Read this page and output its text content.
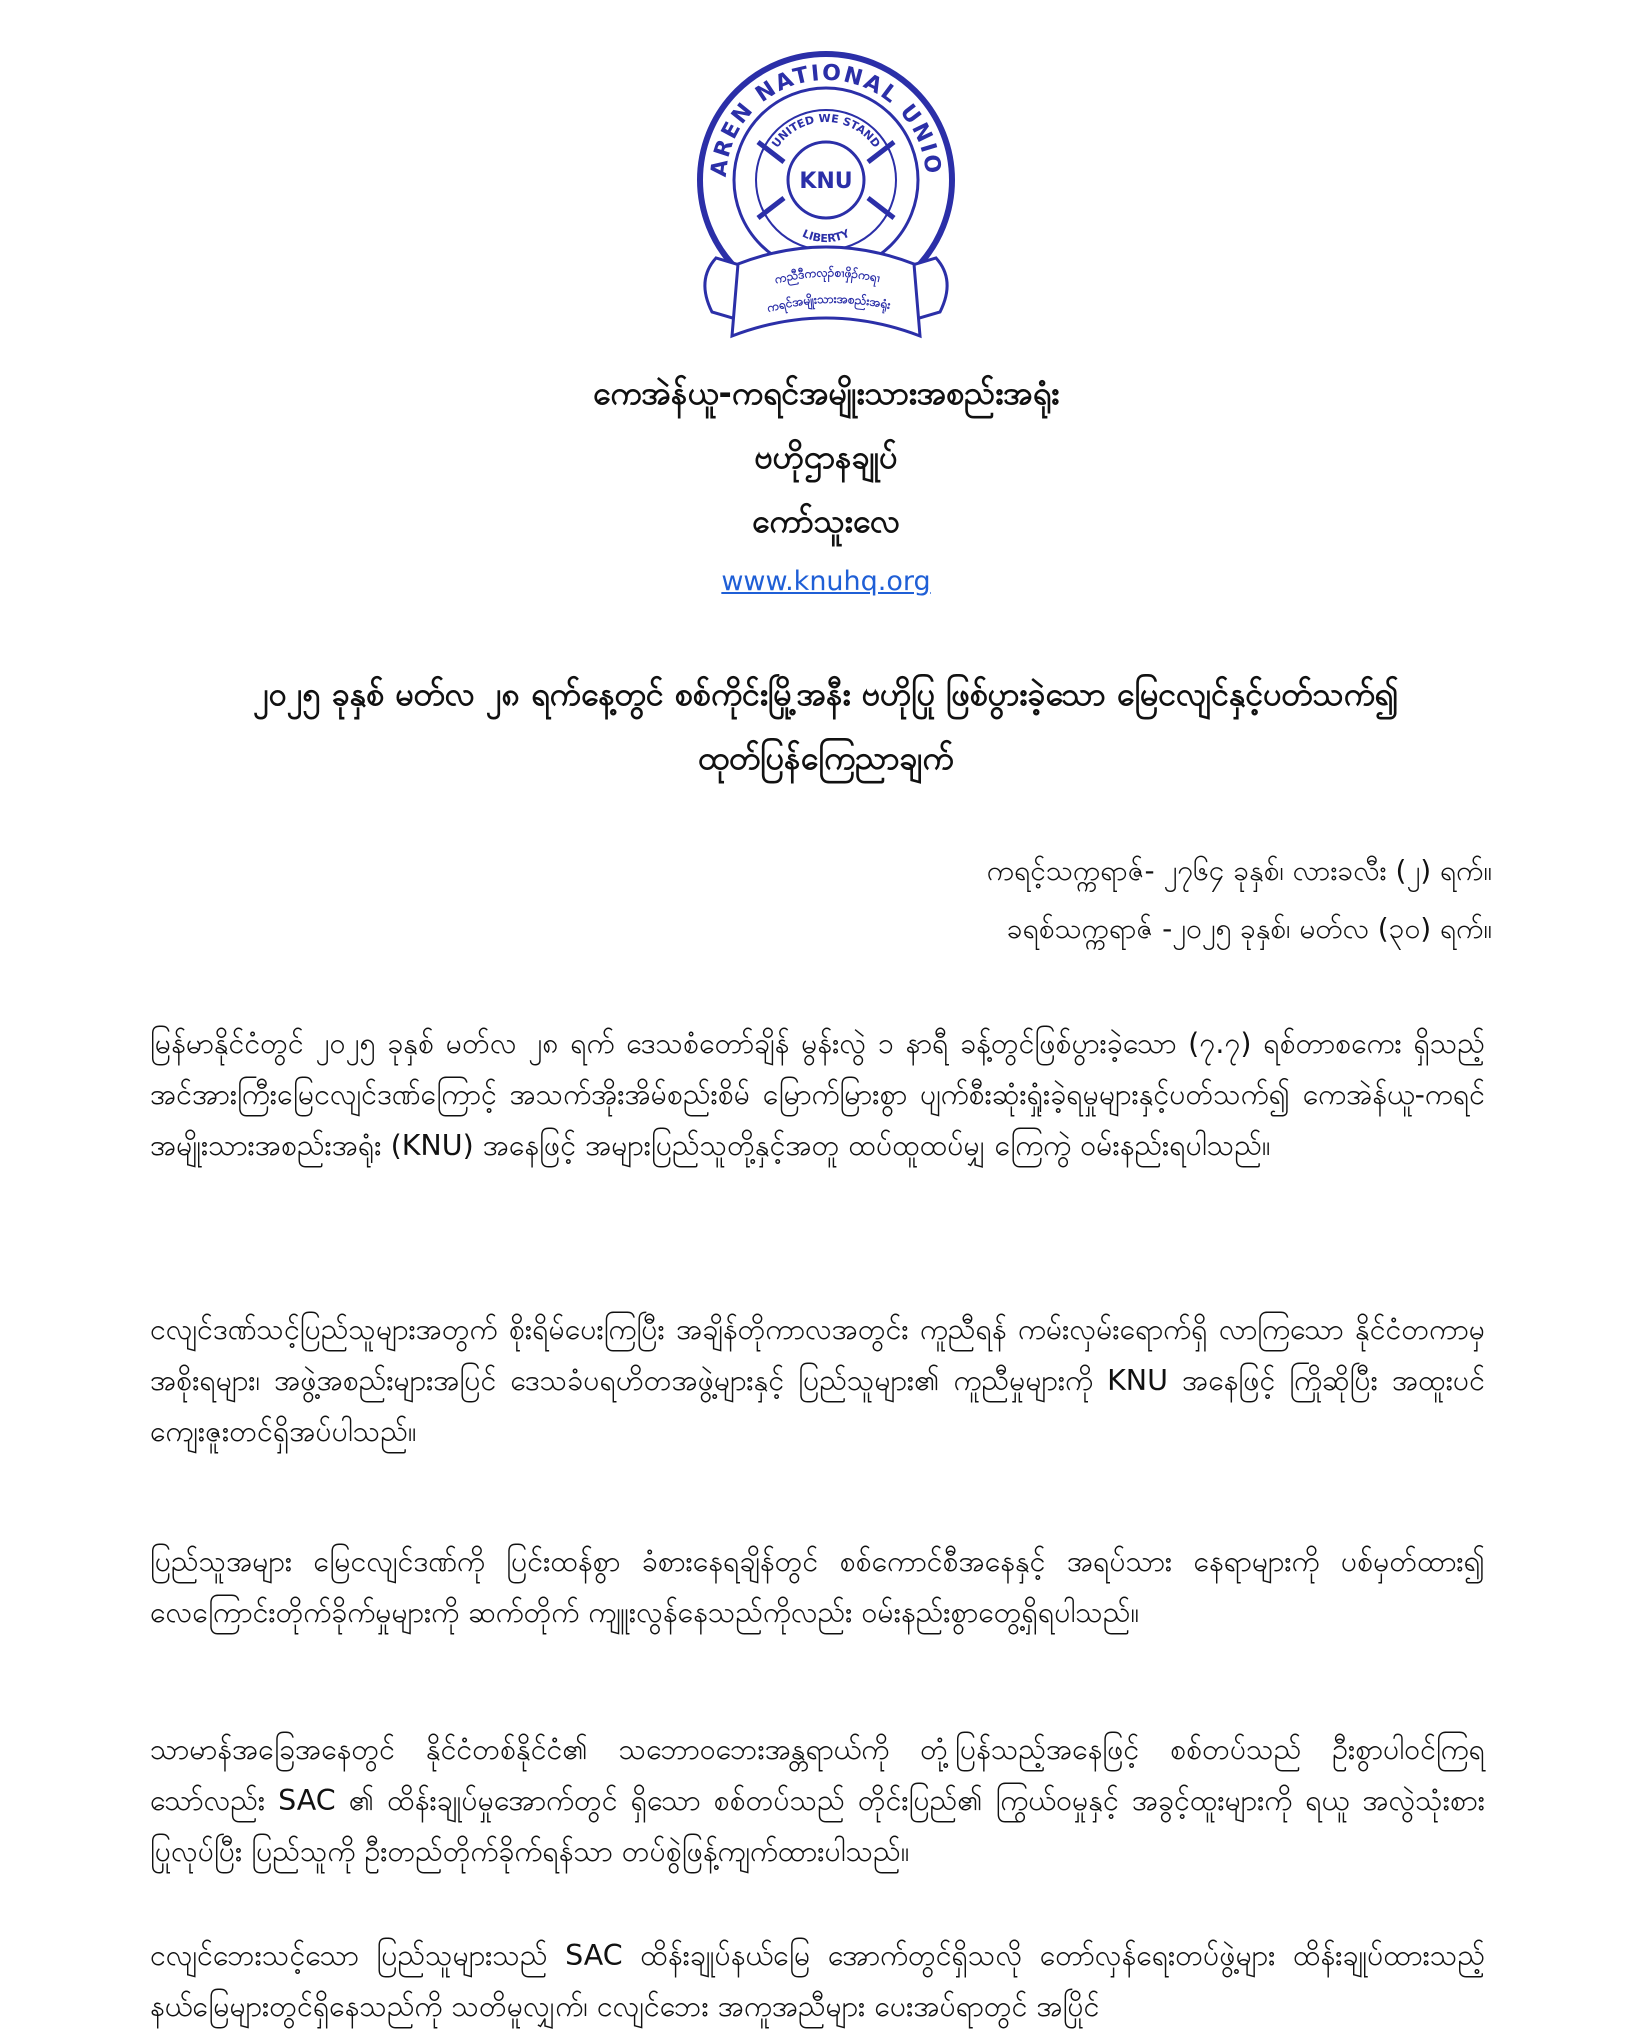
AREN NATIONAL UNIO
UNITED WE STAND
LIBERTY
KNU
ကညီဒီကလုၣ်စၢဖှိၣ်ကရၢ
ကရင်အမျိုးသားအစည်းအရုံး
ကေအဲန်ယူ-ကရင်အမျိုးသားအစည်းအရုံး
ဗဟိုဌာနချုပ်
ကော်သူးလေ
www.knuhq.org
၂၀၂၅ ခုနှစ် မတ်လ ၂၈ ရက်နေ့တွင် စစ်ကိုင်းမြို့အနီး ဗဟိုပြု ဖြစ်ပွားခဲ့သော မြေငလျင်နှင့်ပတ်သက်၍ ထုတ်ပြန်ကြေညာချက်
ကရင့်သက္ကရာဇ်- ၂၇၆၄ ခုနှစ်၊ လားခလီး (၂) ရက်။
ခရစ်သက္ကရာဇ် -၂၀၂၅ ခုနှစ်၊ မတ်လ (၃၀) ရက်။
မြန်မာနိုင်ငံတွင် ၂၀၂၅ ခုနှစ် မတ်လ ၂၈ ရက် ဒေသစံတော်ချိန် မွန်းလွဲ ၁ နာရီ ခန့်တွင်ဖြစ်ပွားခဲ့သော (၇.၇) ရစ်တာစကေး ရှိသည့် အင်အားကြီးမြေငလျင်ဒဏ်ကြောင့် အသက်အိုးအိမ်စည်းစိမ် မြောက်မြားစွာ ပျက်စီးဆုံးရှုံးခဲ့ရမှုများနှင့်ပတ်သက်၍ ကေအဲန်ယူ-ကရင်အမျိုးသားအစည်းအရုံး (KNU) အနေဖြင့် အများပြည်သူတို့နှင့်အတူ ထပ်ထူထပ်မျှ ကြေကွဲ ဝမ်းနည်းရပါသည်။
ငလျင်ဒဏ်သင့်ပြည်သူများအတွက် စိုးရိမ်ပေးကြပြီး အချိန်တိုကာလအတွင်း ကူညီရန် ကမ်းလှမ်းရောက်ရှိ လာကြသော နိုင်ငံတကာမှ အစိုးရများ၊ အဖွဲ့အစည်းများအပြင် ဒေသခံပရဟိတအဖွဲ့များနှင့် ပြည်သူများ၏ ကူညီမှုများကို KNU အနေဖြင့် ကြိုဆိုပြီး အထူးပင် ကျေးဇူးတင်ရှိအပ်ပါသည်။
ပြည်သူအများ မြေငလျင်ဒဏ်ကို ပြင်းထန်စွာ ခံစားနေရချိန်တွင် စစ်ကောင်စီအနေနှင့် အရပ်သား နေရာများကို ပစ်မှတ်ထား၍ လေကြောင်းတိုက်ခိုက်မှုများကို ဆက်တိုက် ကျူးလွန်နေသည်ကိုလည်း ဝမ်းနည်းစွာတွေ့ရှိရပါသည်။
သာမာန်အခြေအနေတွင် နိုင်ငံတစ်နိုင်ငံ၏ သဘောဝဘေးအန္တရာယ်ကို တုံ့ပြန်သည့်အနေဖြင့် စစ်တပ်သည် ဦးစွာပါဝင်ကြရသော်လည်း SAC ၏ ထိန်းချုပ်မှုအောက်တွင် ရှိသော စစ်တပ်သည် တိုင်းပြည်၏ ကြွယ်ဝမှုနှင့် အခွင့်ထူးများကို ရယူ အလွဲသုံးစားပြုလုပ်ပြီး ပြည်သူကို ဦးတည်တိုက်ခိုက်ရန်သာ တပ်စွဲဖြန့်ကျက်ထားပါသည်။
ငလျင်ဘေးသင့်သော ပြည်သူများသည် SAC ထိန်းချုပ်နယ်မြေ အောက်တွင်ရှိသလို တော်လှန်ရေးတပ်ဖွဲ့များ ထိန်းချုပ်ထားသည့် နယ်မြေများတွင်ရှိနေသည်ကို သတိမူလျှက်၊ ငလျင်ဘေး အကူအညီများ ပေးအပ်ရာတွင် အပြိုင်
